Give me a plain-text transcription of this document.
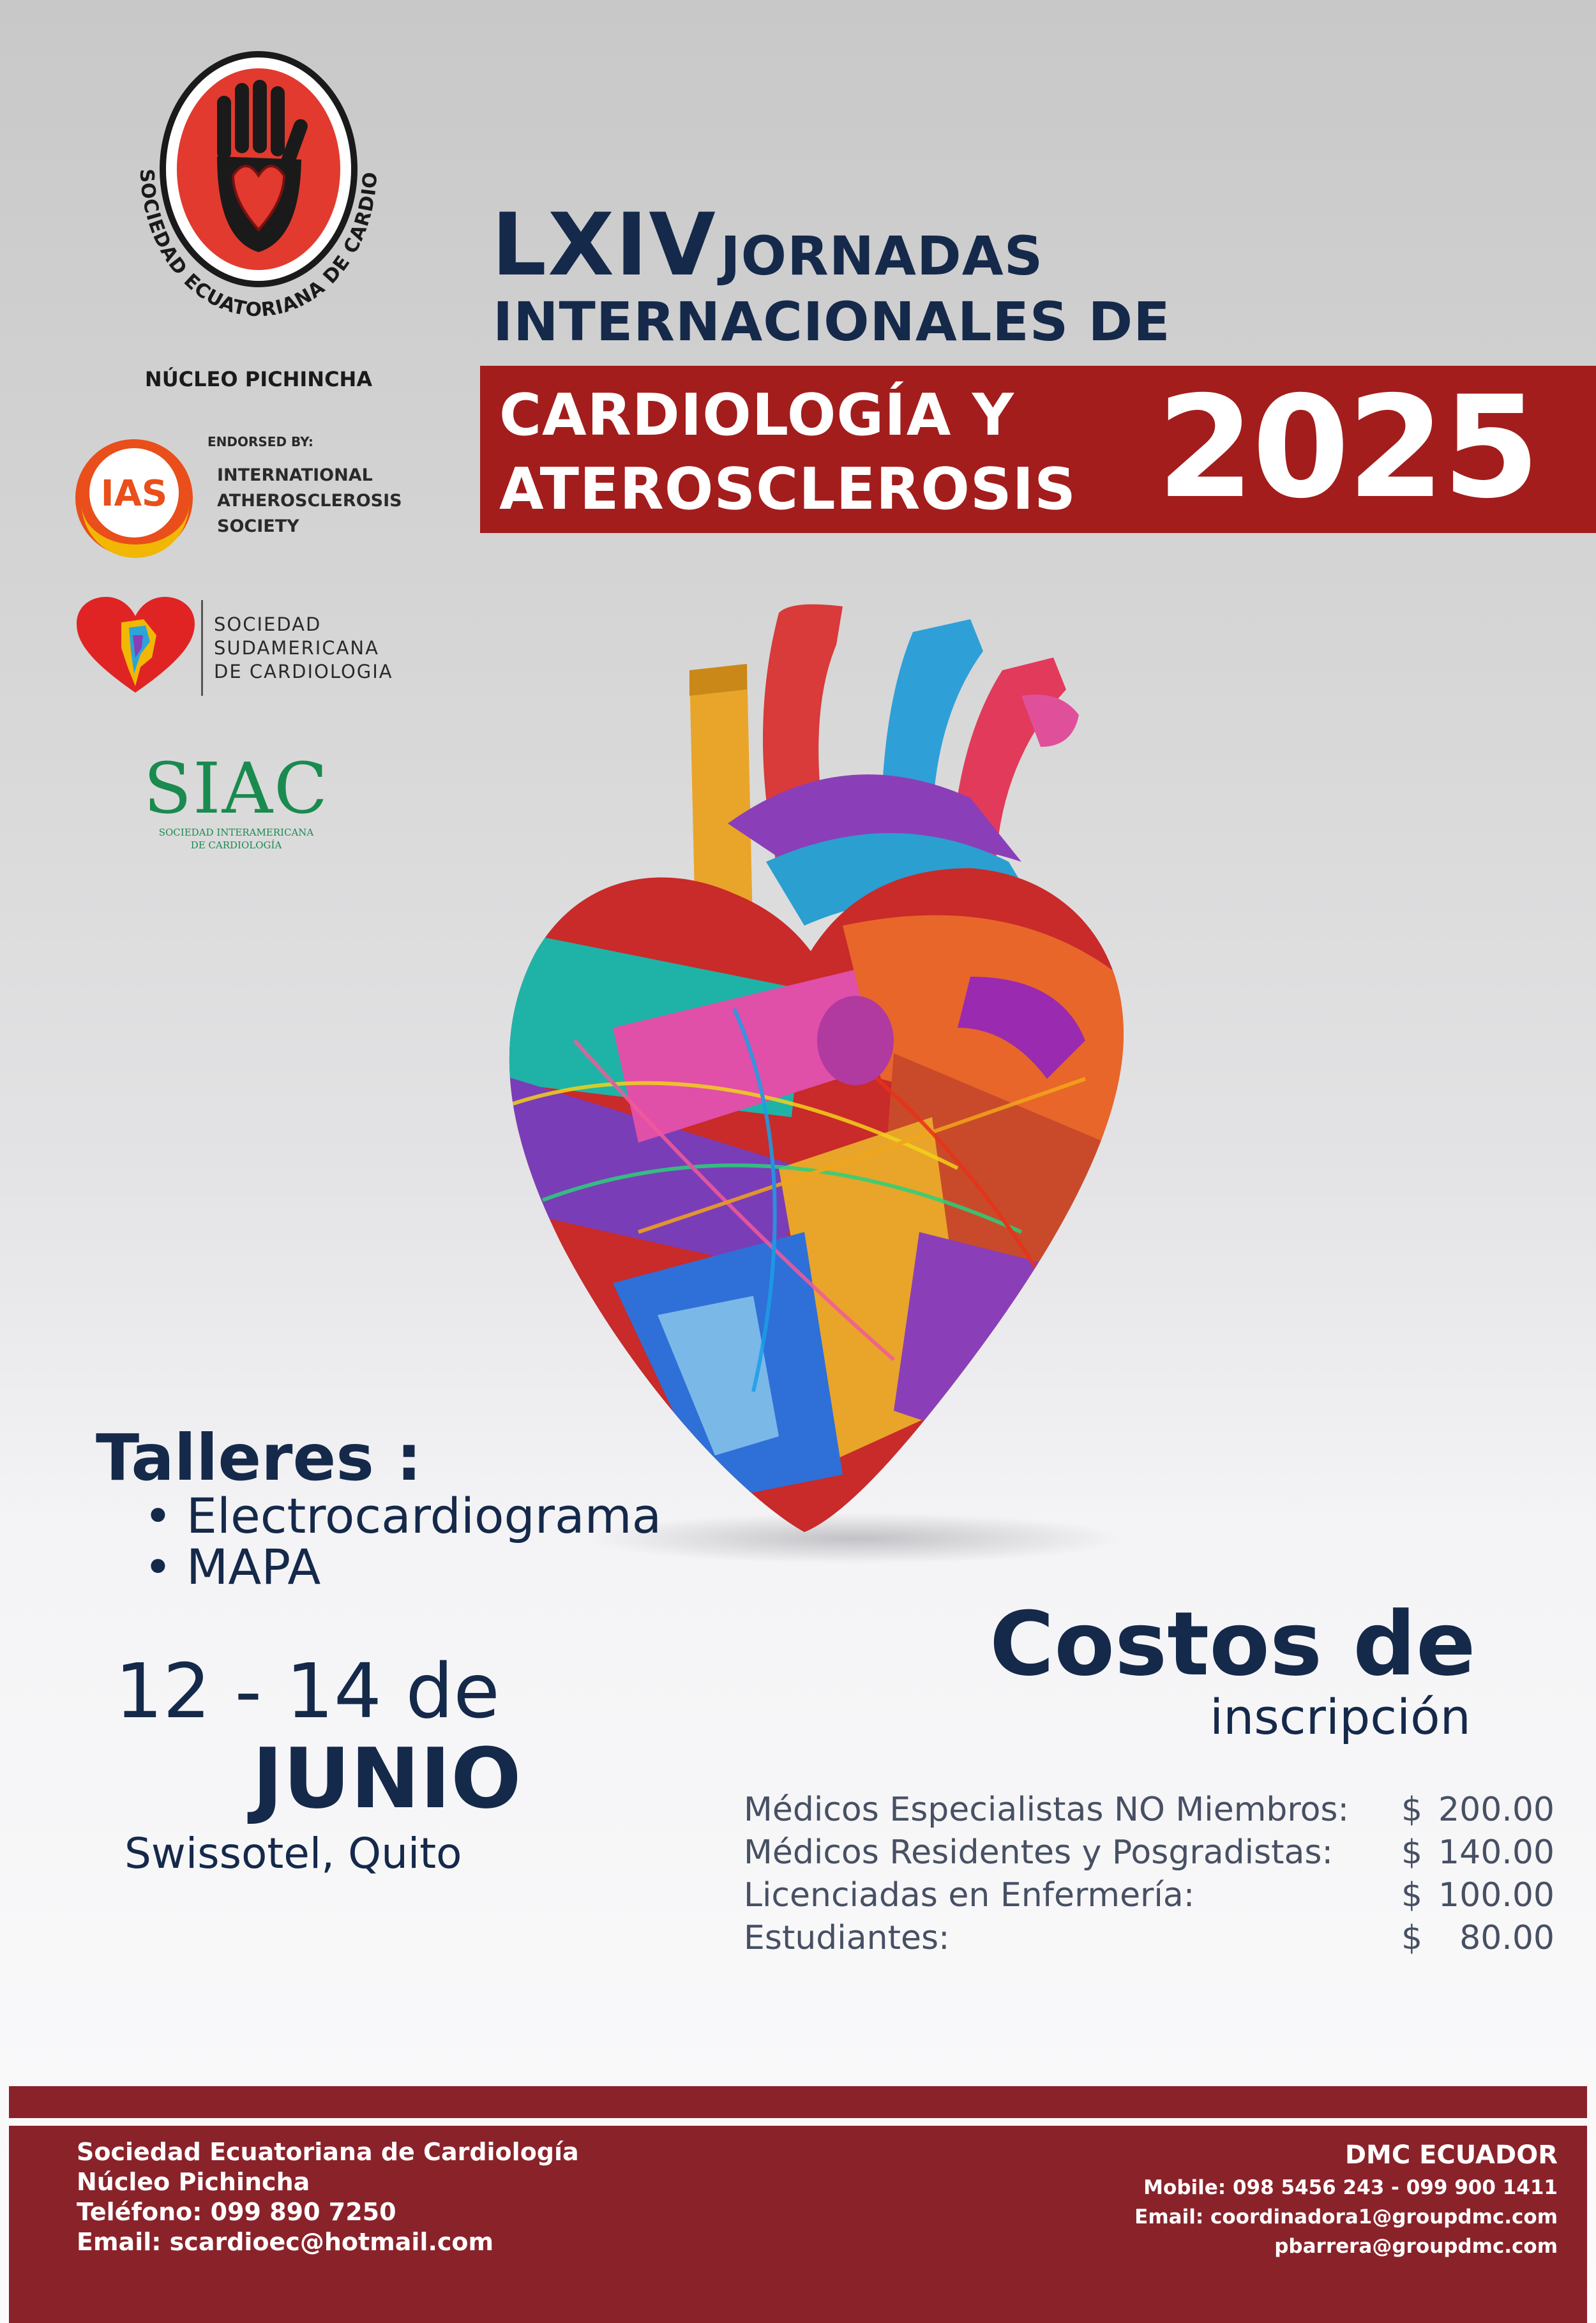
SOCIEDAD ECUATORIANA DE CARDIO
NÚCLEO PICHINCHA
IAS
ENDORSED BY:
INTERNATIONAL
ATHEROSCLEROSIS
SOCIETY
SOCIEDAD
SUDAMERICANA
DE CARDIOLOGIA
SIAC
SOCIEDAD INTERAMERICANA
DE CARDIOLOGÍA
LXIV JORNADAS
INTERNACIONALES DE
CARDIOLOGÍA Y
ATEROSCLEROSIS 2025
Talleres :
• Electrocardiograma
• MAPA
12 - 14 de
JUNIO
Swissotel, Quito
Costos de
inscripción
Médicos Especialistas NO Miembros: $ 200.00
Médicos Residentes y Posgradistas: $ 140.00
Licenciadas en Enfermería:	$ 100.00
Estudiantes:	$ 80.00
Sociedad Ecuatoriana de Cardiología
Núcleo Pichincha
Teléfono: 099 890 7250
Email: scardioec@hotmail.com
DMC ECUADOR
Mobile: 098 5456 243 - 099 900 1411
Email: coordinadora1@groupdmc.com
pbarrera@groupdmc.com
